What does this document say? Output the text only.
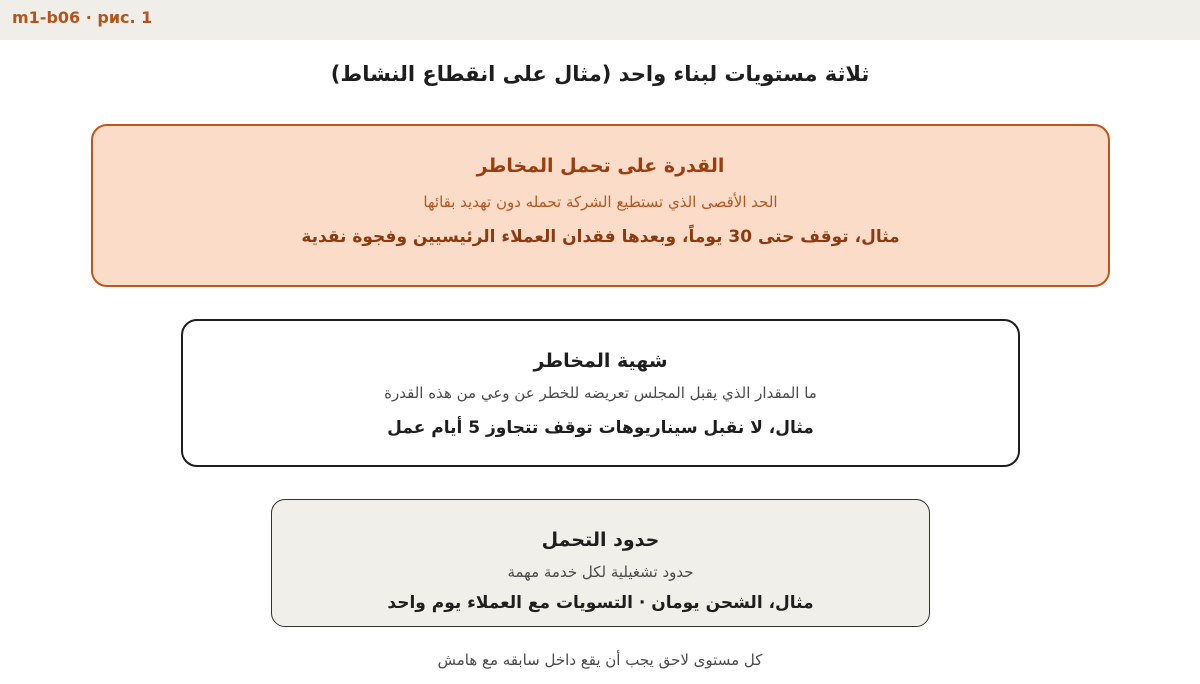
m1-b06 · рис. 1
ثلاثة مستويات لبناء واحد (مثال على انقطاع النشاط)
القدرة على تحمل المخاطر
الحد الأقصى الذي تستطيع الشركة تحمله دون تهديد بقائها
مثال، توقف حتى 30 يوماً، وبعدها فقدان العملاء الرئيسيين وفجوة نقدية
شهية المخاطر
ما المقدار الذي يقبل المجلس تعريضه للخطر عن وعي من هذه القدرة
مثال، لا نقبل سيناريوهات توقف تتجاوز 5 أيام عمل
حدود التحمل
حدود تشغيلية لكل خدمة مهمة
مثال، الشحن يومان · التسويات مع العملاء يوم واحد
كل مستوى لاحق يجب أن يقع داخل سابقه مع هامش
